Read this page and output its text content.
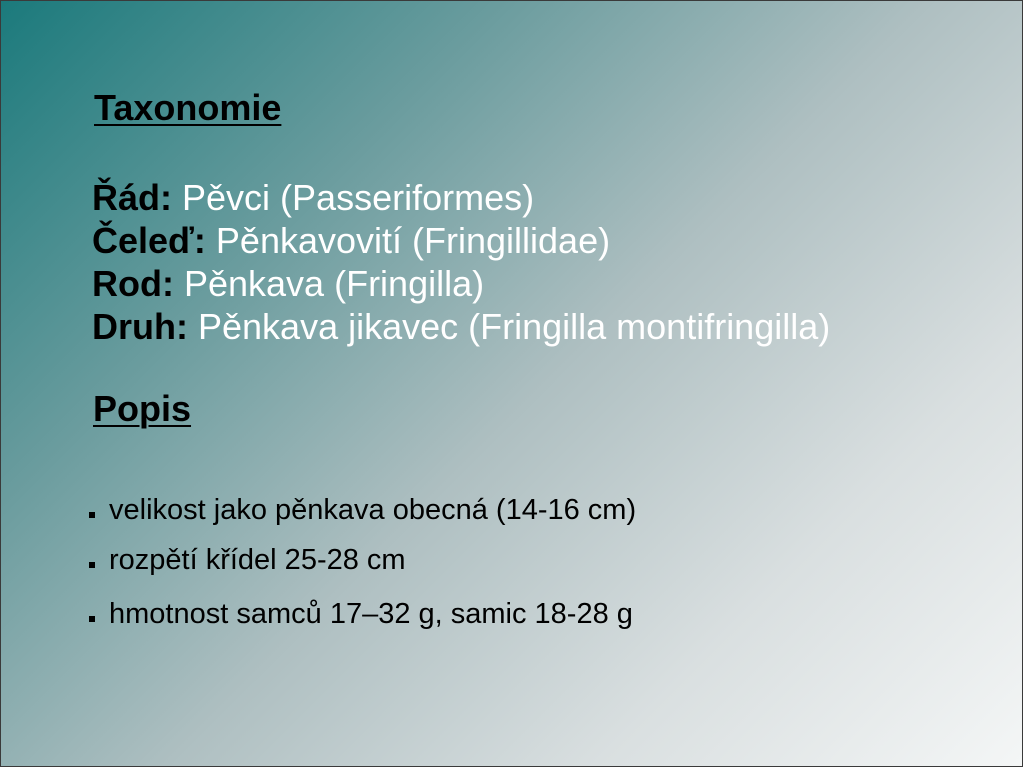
Taxonomie
Řád: Pěvci (Passeriformes)
Čeleď: Pěnkavovití (Fringillidae)
Rod: Pěnkava (Fringilla)
Druh: Pěnkava jikavec (Fringilla montifringilla)
Popis
velikost jako pěnkava obecná (14-16 cm)
rozpětí křídel 25-28 cm
hmotnost samců 17–32 g, samic 18-28 g
